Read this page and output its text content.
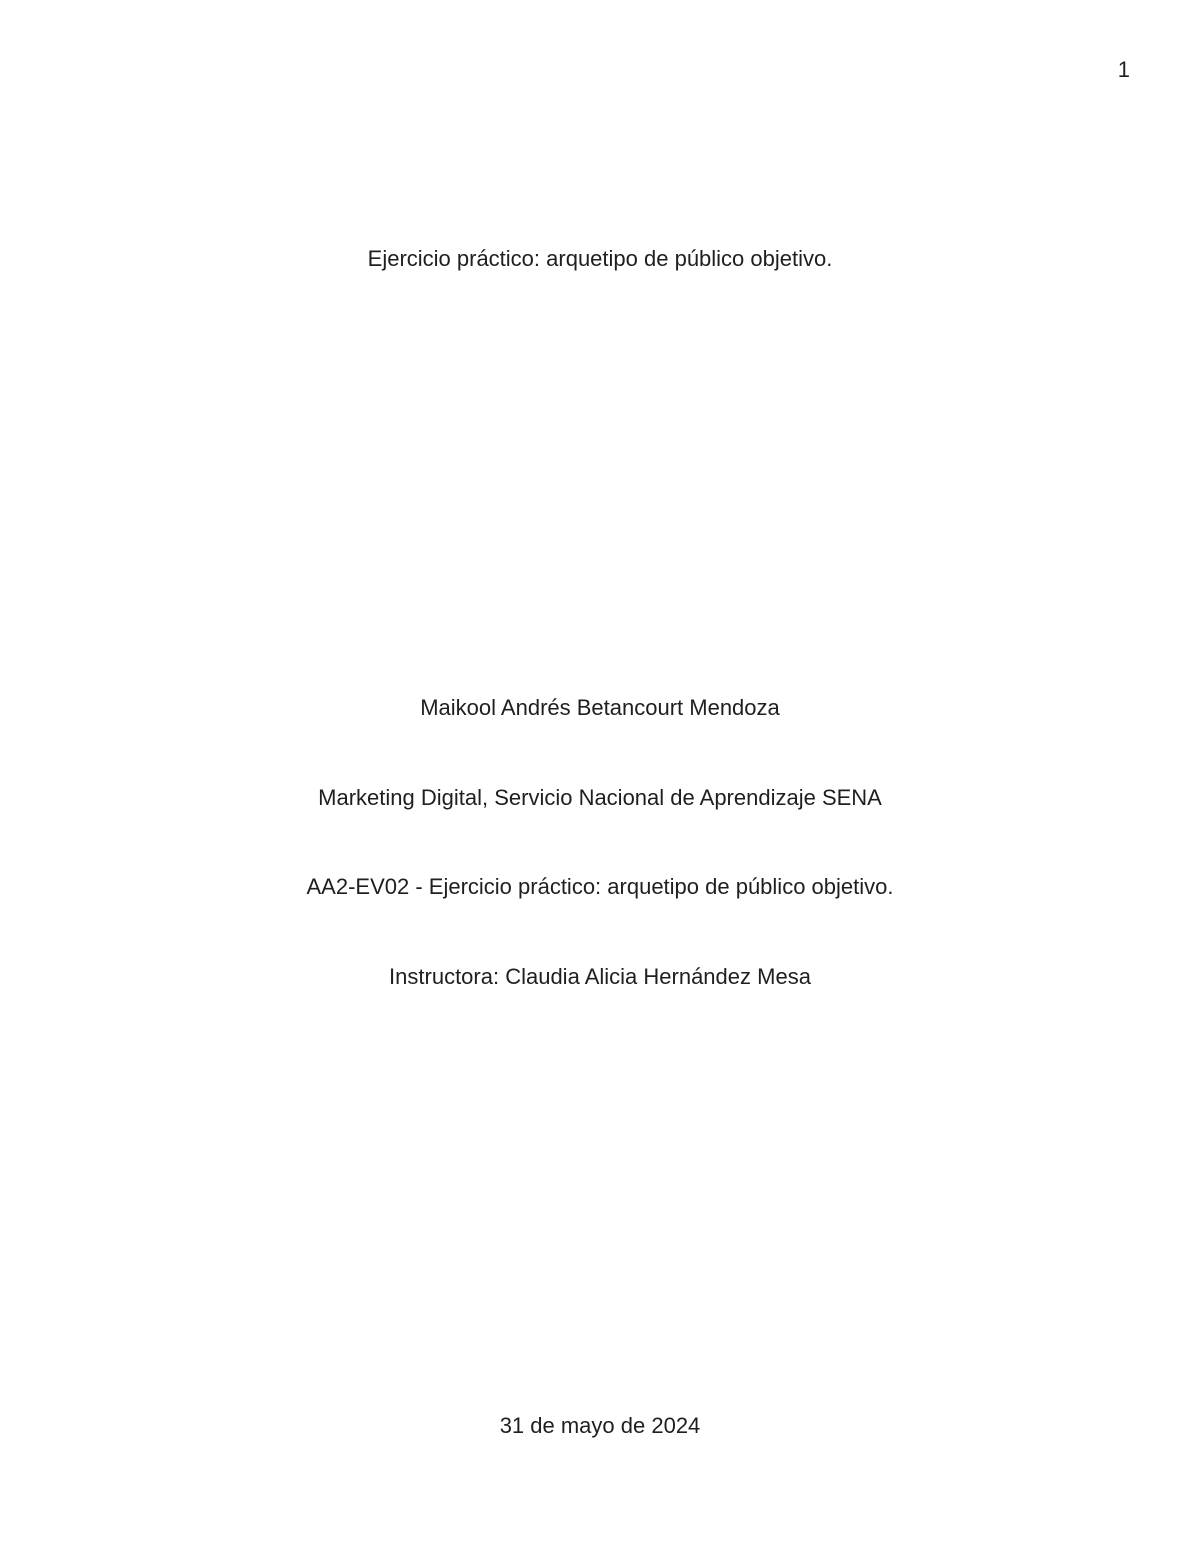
1
Ejercicio práctico: arquetipo de público objetivo.
Maikool Andrés Betancourt Mendoza
Marketing Digital, Servicio Nacional de Aprendizaje SENA
AA2-EV02 - Ejercicio práctico: arquetipo de público objetivo.
Instructora: Claudia Alicia Hernández Mesa
31 de mayo de 2024
